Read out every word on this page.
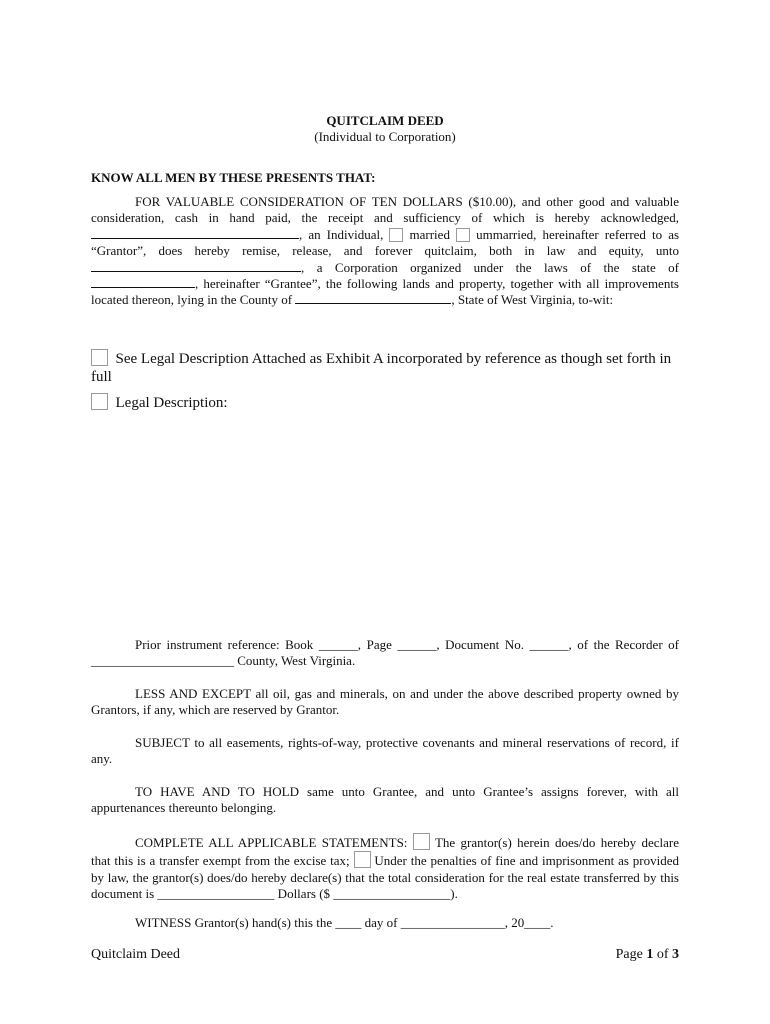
QUITCLAIM DEED
(Individual to Corporation)
KNOW ALL MEN BY THESE PRESENTS THAT:
FOR VALUABLE CONSIDERATION OF TEN DOLLARS ($10.00), and other good and valuable consideration, cash in hand paid, the receipt and sufficiency of which is hereby acknowledged, , an Individual, married ummarried, hereinafter referred to as “Grantor”, does hereby remise, release, and forever quitclaim, both in law and equity, unto , a Corporation organized under the laws of the state of , hereinafter “Grantee”, the following lands and property, together with all improvements located thereon, lying in the County of	, State of West Virginia, to-wit:
See Legal Description Attached as Exhibit A incorporated by reference as though set forth in full
Legal Description:
Prior instrument reference: Book ______, Page ______, Document No. ______, of the Recorder of ______________________ County, West Virginia.
LESS AND EXCEPT all oil, gas and minerals, on and under the above described property owned by Grantors, if any, which are reserved by Grantor.
SUBJECT to all easements, rights-of-way, protective covenants and mineral reservations of record, if any.
TO HAVE AND TO HOLD same unto Grantee, and unto Grantee’s assigns forever, with all appurtenances thereunto belonging.
COMPLETE ALL APPLICABLE STATEMENTS: The grantor(s) herein does/do hereby declare that this is a transfer exempt from the excise tax; Under the penalties of fine and imprisonment as provided by law, the grantor(s) does/do hereby declare(s) that the total consideration for the real estate transferred by this document is __________________ Dollars ($ __________________).
WITNESS Grantor(s) hand(s) this the ____ day of ________________, 20____.
Quitclaim Deed	Page 1 of 3
